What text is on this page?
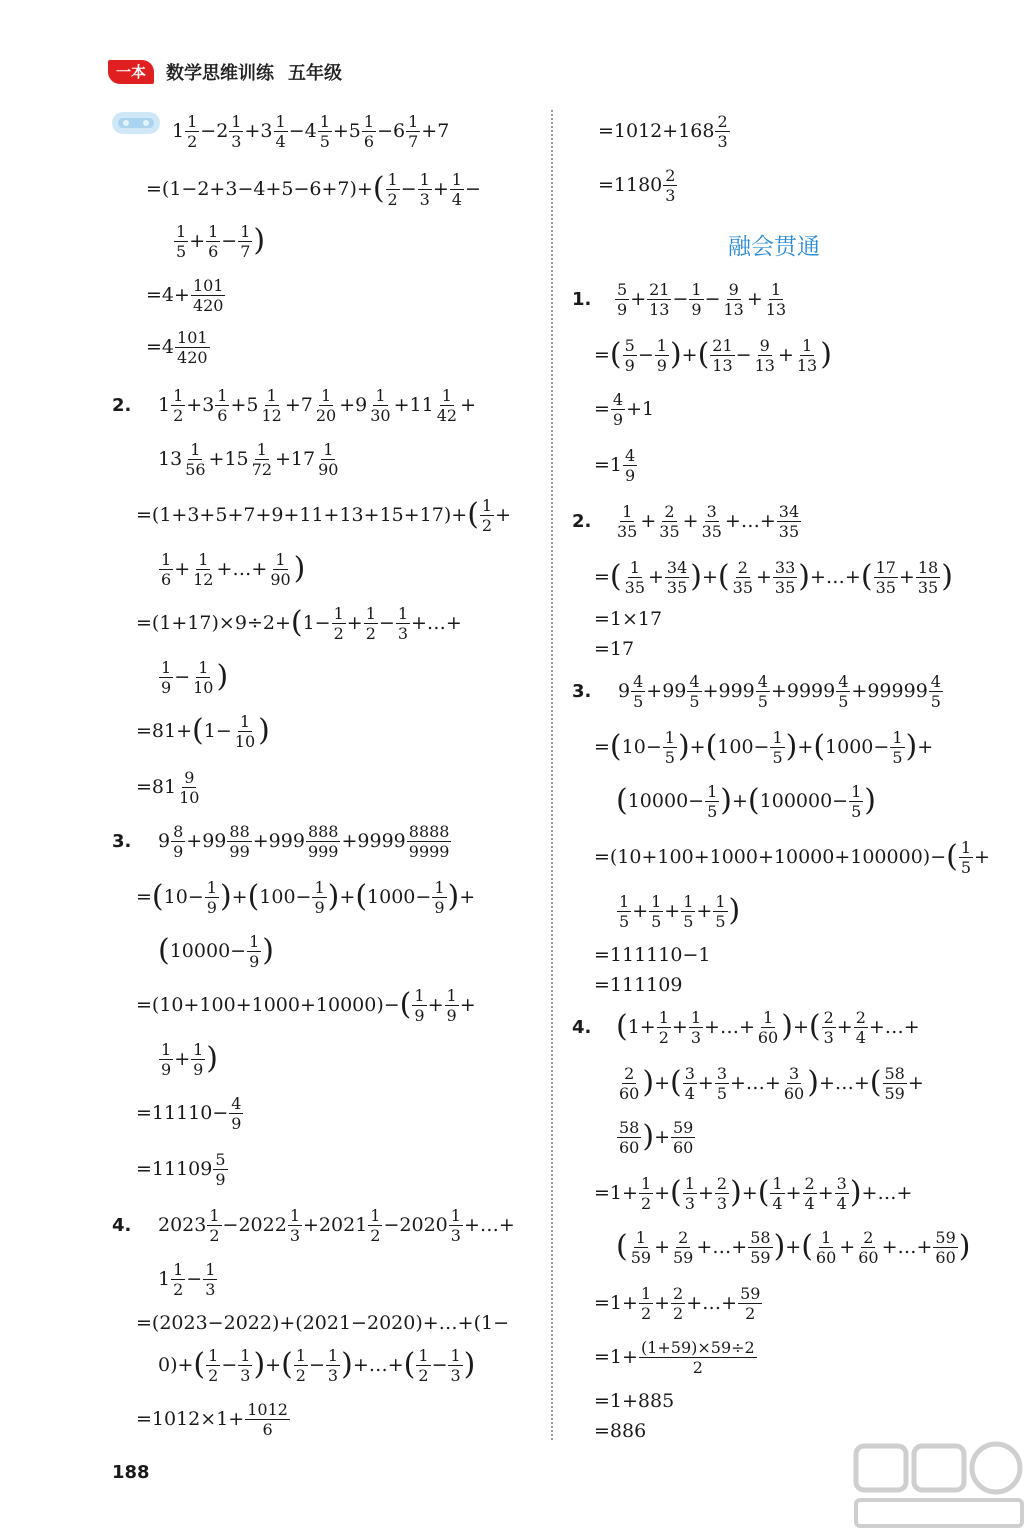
一本	数学思维训练 五年级
融会贯通
$1 \frac{1}{2} -2 \frac{1}{3} +3 \frac{1}{4} -4 \frac{1}{5} +5 \frac{1}{6} -6 \frac{1}{7} +7$
=(1−2+3−4+5−6+7)+ ( $\frac{1}{2} - \frac{1}{3} + \frac{1}{4}$ −
$\frac{1}{5} + \frac{1}{6} - \frac{1}{7}$ )
$=4+ \frac{101}{420}$
$=4 \frac{101}{420}$
$1 \frac{1}{2} +3 \frac{1}{6} +5 \frac{1}{12} +7 \frac{1}{20} +9 \frac{1}{30} +11 \frac{1}{42}$ +
2.
$13 \frac{1}{56} +15 \frac{1}{72} +17 \frac{1}{90}$
=(1+3+5+7+9+11+13+15+17)+ ( $\frac{1}{2}$ +
$\frac{1}{6} + \frac{1}{12}$ +…+ $\frac{1}{90}$ )
=(1+17)×9÷2+ ( $1- \frac{1}{2} + \frac{1}{2} - \frac{1}{3}$ +…+
$\frac{1}{9} - \frac{1}{10}$ )
=81+ ( $1- \frac{1}{10}$ )
$=81 \frac{9}{10}$
$9 \frac{8}{9} +99 \frac{88}{99} +999 \frac{888}{999} +9999 \frac{8888}{9999}$
3.
= ( $10- \frac{1}{9}$ ) + ( $100- \frac{1}{9}$ ) + ( $1000- \frac{1}{9}$ ) +
( $10000- \frac{1}{9}$ )
=(10+100+1000+10000)− ( $\frac{1}{9} + \frac{1}{9}$ +
$\frac{1}{9} + \frac{1}{9}$ )
$=11110- \frac{4}{9}$
$=11109 \frac{5}{9}$
$2023 \frac{1}{2} -2022 \frac{1}{3} +2021 \frac{1}{2} -2020 \frac{1}{3}$ +…+
4.
$1 \frac{1}{2} - \frac{1}{3}$
=(2023−2022)+(2021−2020)+…+(1−
0)+ ( $\frac{1}{2} - \frac{1}{3}$ ) + ( $\frac{1}{2} - \frac{1}{3}$ ) +…+ ( $\frac{1}{2} - \frac{1}{3}$ )
$=1012\times 1+ \frac{1012}{6}$
$=1012+168 \frac{2}{3}$
$=1180 \frac{2}{3}$
$\frac{5}{9} + \frac{21}{13} - \frac{1}{9} - \frac{9}{13} + \frac{1}{13}$
1.
= ( $\frac{5}{9} - \frac{1}{9}$ ) + ( $\frac{21}{13} - \frac{9}{13} + \frac{1}{13}$ )
= $\frac{4}{9} +1$
$=1 \frac{4}{9}$
$\frac{1}{35} + \frac{2}{35} + \frac{3}{35}$ +…+ $\frac{34}{35}$
2.
= ( $\frac{1}{35} + \frac{34}{35}$ ) + ( $\frac{2}{35} + \frac{33}{35}$ ) +…+ ( $\frac{17}{35} + \frac{18}{35}$ )
=1×17
=17
$9 \frac{4}{5} +99 \frac{4}{5} +999 \frac{4}{5} +9999 \frac{4}{5} +99999 \frac{4}{5}$
3.
= ( $10- \frac{1}{5}$ ) + ( $100- \frac{1}{5}$ ) + ( $1000- \frac{1}{5}$ ) +
( $10000- \frac{1}{5}$ ) + ( $100000- \frac{1}{5}$ )
=(10+100+1000+10000+100000)− ( $\frac{1}{5}$ +
$\frac{1}{5} + \frac{1}{5} + \frac{1}{5} + \frac{1}{5}$ )
=111110−1
=111109
( $1+ \frac{1}{2} + \frac{1}{3}$ +…+ $\frac{1}{60}$ ) + ( $\frac{2}{3} + \frac{2}{4}$ +…+
4.
$\frac{2}{60}$ ) + ( $\frac{3}{4} + \frac{3}{5}$ +…+ $\frac{3}{60}$ ) +…+ ( $\frac{58}{59}$ +
$\frac{58}{60}$ ) + $\frac{59}{60}$
$=1+ \frac{1}{2}$ + ( $\frac{1}{3} + \frac{2}{3}$ ) + ( $\frac{1}{4} + \frac{2}{4} + \frac{3}{4}$ ) +…+
( $\frac{1}{59} + \frac{2}{59}$ +…+ $\frac{58}{59}$ ) + ( $\frac{1}{60} + \frac{2}{60}$ +…+ $\frac{59}{60}$ )
$=1+ \frac{1}{2} + \frac{2}{2}$ +…+ $\frac{59}{2}$
$=1+ \frac{(1+59)\times 59\div 2}{2}$
=1+885
=886
188
